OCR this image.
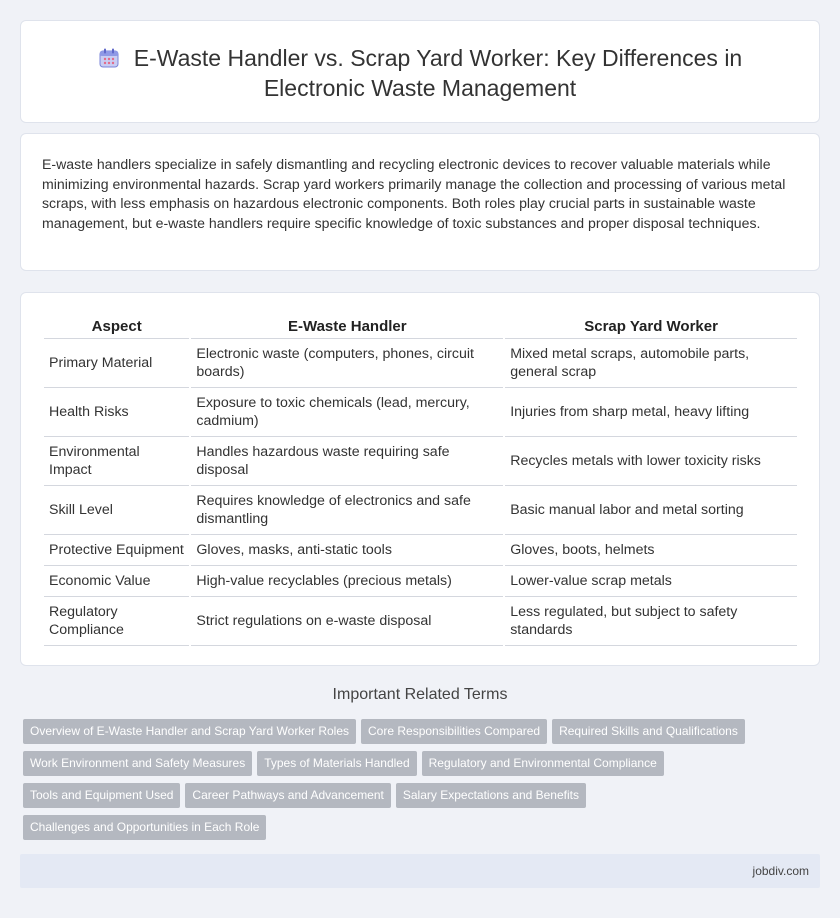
E-Waste Handler vs. Scrap Yard Worker: Key Differences in Electronic Waste Management

E-waste handlers specialize in safely dismantling and recycling electronic devices to recover valuable materials while minimizing environmental hazards. Scrap yard workers primarily manage the collection and processing of various metal scraps, with less emphasis on hazardous electronic components. Both roles play crucial parts in sustainable waste management, but e-waste handlers require specific knowledge of toxic substances and proper disposal techniques.

Aspect	E-Waste Handler	Scrap Yard Worker
Primary Material	Electronic waste (computers, phones, circuit boards)	Mixed metal scraps, automobile parts, general scrap
Health Risks	Exposure to toxic chemicals (lead, mercury, cadmium)	Injuries from sharp metal, heavy lifting
Environmental Impact	Handles hazardous waste requiring safe disposal	Recycles metals with lower toxicity risks
Skill Level	Requires knowledge of electronics and safe dismantling	Basic manual labor and metal sorting
Protective Equipment	Gloves, masks, anti-static tools	Gloves, boots, helmets
Economic Value	High-value recyclables (precious metals)	Lower-value scrap metals
Regulatory Compliance	Strict regulations on e-waste disposal	Less regulated, but subject to safety standards
Important Related Terms
Overview of E-Waste Handler and Scrap Yard Worker Roles Core Responsibilities Compared Required Skills and Qualifications
Work Environment and Safety Measures Types of Materials Handled Regulatory and Environmental Compliance
Tools and Equipment Used Career Pathways and Advancement Salary Expectations and Benefits
Challenges and Opportunities in Each Role
jobdiv.com
